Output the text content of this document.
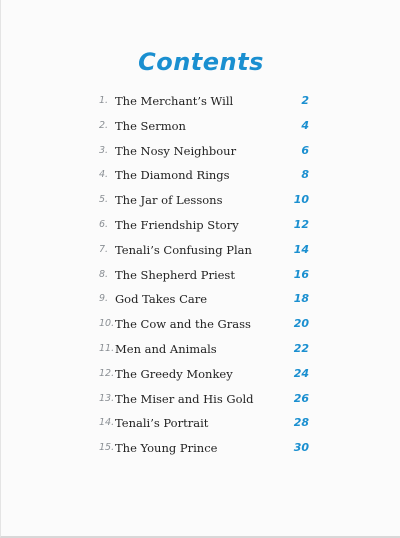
Contents
1. The Merchant’s Will	2
2. The Sermon	4
3. The Nosy Neighbour	6
4. The Diamond Rings	8
5. The Jar of Lessons	10
6. The Friendship Story	12
7. Tenali’s Confusing Plan	14
8. The Shepherd Priest	16
9. God Takes Care	18
10. The Cow and the Grass	20
11. Men and Animals	22
12. The Greedy Monkey	24
13. The Miser and His Gold	26
14. Tenali’s Portrait	28
15. The Young Prince	30
